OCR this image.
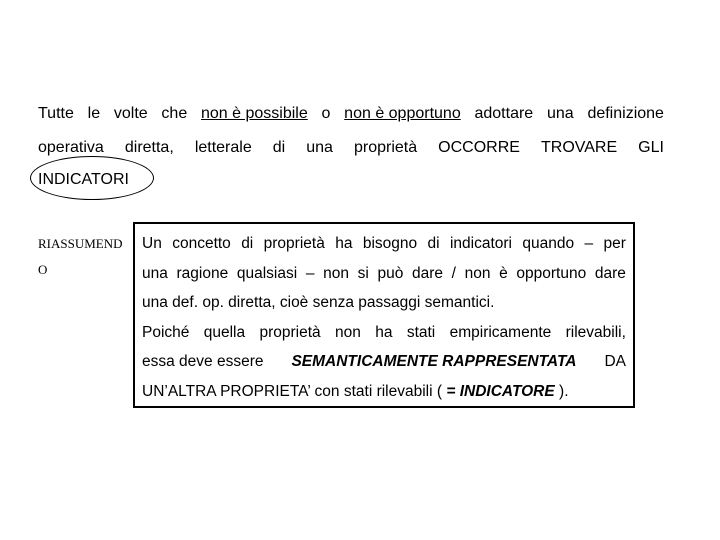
Tutte le volte che non è possibile o non è opportuno adottare una definizione
operativa diretta, letterale di una proprietà OCCORRE TROVARE GLI
INDICATORI
RIASSUMENDO
Un concetto di proprietà ha bisogno di indicatori quando – per
una ragione qualsiasi – non si può dare / non è opportuno dare
una def. op. diretta, cioè senza passaggi semantici.
Poiché quella proprietà non ha stati empiricamente rilevabili,
essa deve essere SEMANTICAMENTE RAPPRESENTATA DA
UN’ALTRA PROPRIETA’ con stati rilevabili (
= INDICATORE
).
